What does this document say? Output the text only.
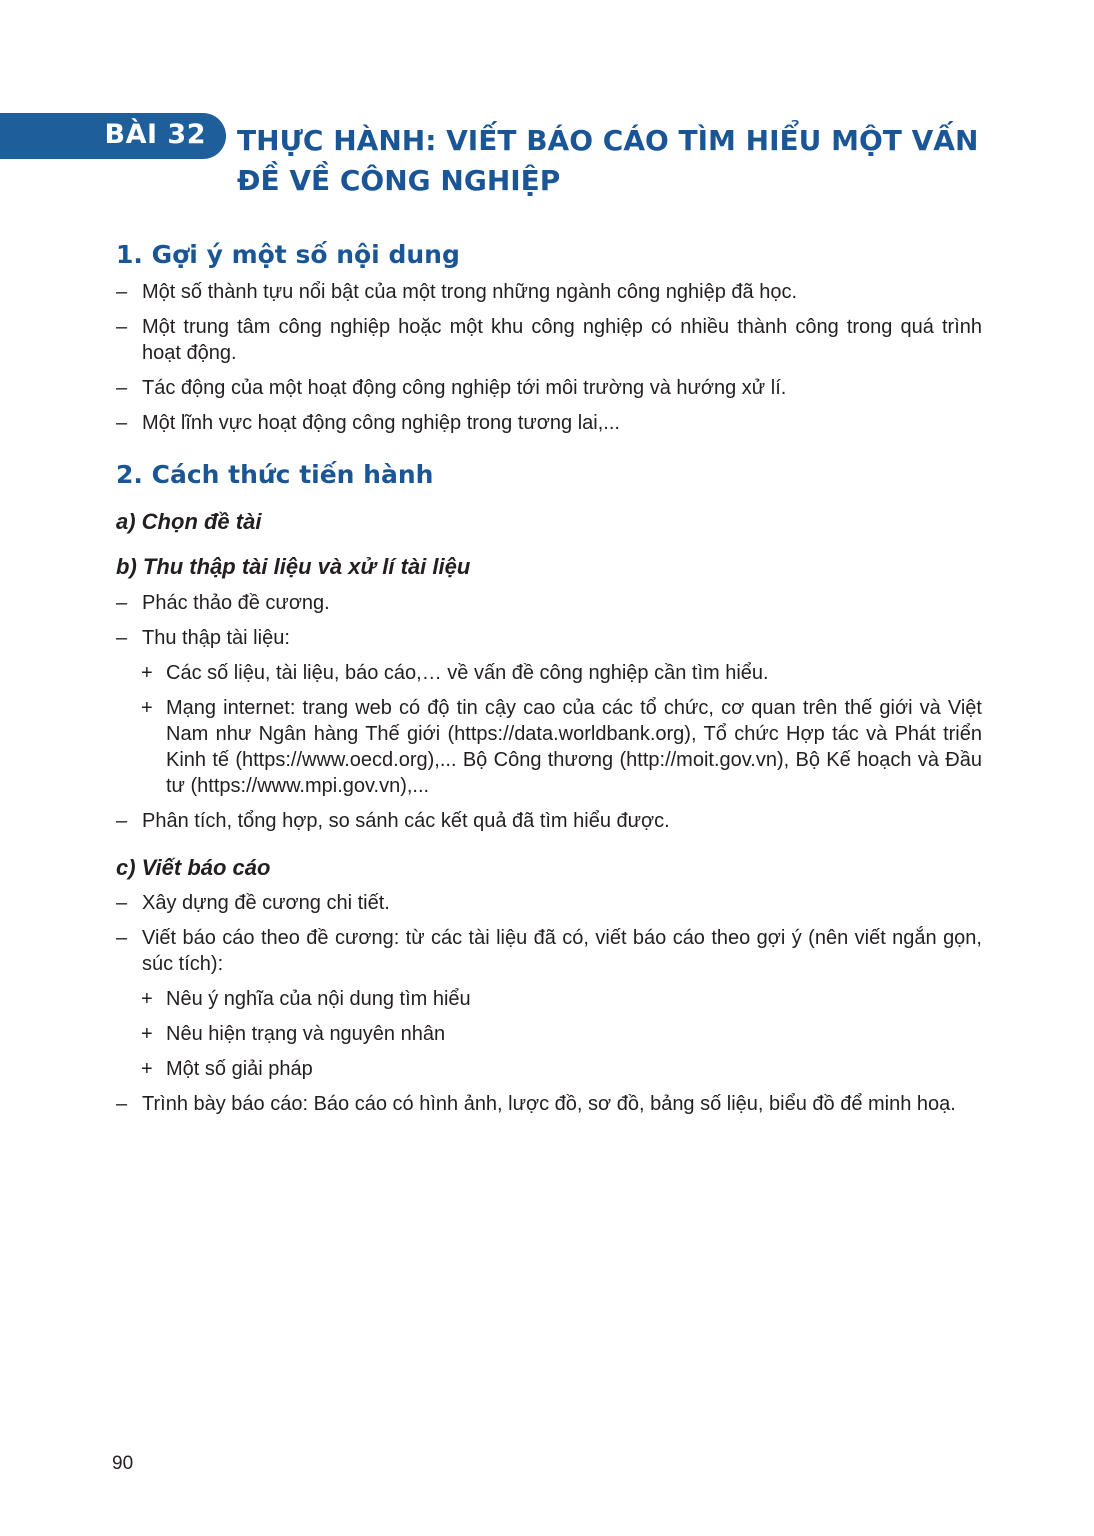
BÀI 32 THỰC HÀNH: VIẾT BÁO CÁO TÌM HIỂU MỘT VẤN ĐỀ VỀ CÔNG NGHIỆP
1. Gợi ý một số nội dung
– Một số thành tựu nổi bật của một trong những ngành công nghiệp đã học.
– Một trung tâm công nghiệp hoặc một khu công nghiệp có nhiều thành công trong quá trình hoạt động.
– Tác động của một hoạt động công nghiệp tới môi trường và hướng xử lí.
– Một lĩnh vực hoạt động công nghiệp trong tương lai,...
2. Cách thức tiến hành
a) Chọn đề tài
b) Thu thập tài liệu và xử lí tài liệu
– Phác thảo đề cương.
– Thu thập tài liệu:
+ Các số liệu, tài liệu, báo cáo,… về vấn đề công nghiệp cần tìm hiểu.
+ Mạng internet: trang web có độ tin cậy cao của các tổ chức, cơ quan trên thế giới và Việt Nam như Ngân hàng Thế giới (https://data.worldbank.org), Tổ chức Hợp tác và Phát triển Kinh tế (https://www.oecd.org),... Bộ Công thương (http://moit.gov.vn), Bộ Kế hoạch và Đầu tư (https://www.mpi.gov.vn),...
– Phân tích, tổng hợp, so sánh các kết quả đã tìm hiểu được.
c) Viết báo cáo
– Xây dựng đề cương chi tiết.
– Viết báo cáo theo đề cương: từ các tài liệu đã có, viết báo cáo theo gợi ý (nên viết ngắn gọn, súc tích):
+ Nêu ý nghĩa của nội dung tìm hiểu
+ Nêu hiện trạng và nguyên nhân
+ Một số giải pháp
– Trình bày báo cáo: Báo cáo có hình ảnh, lược đồ, sơ đồ, bảng số liệu, biểu đồ để minh hoạ.
90
